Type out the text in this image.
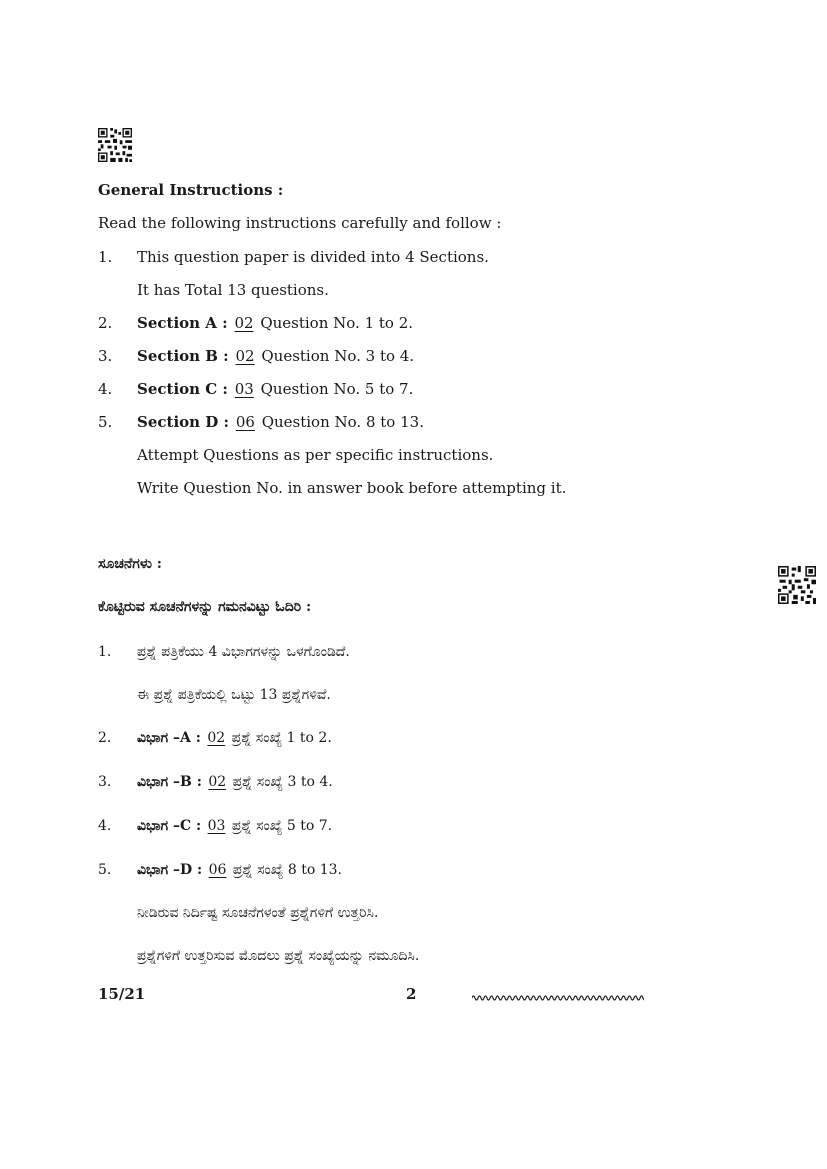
General Instructions :
Read the following instructions carefully and follow :
1. This question paper is divided into 4 Sections.
It has Total 13 questions.
2. Section A : 02 Question No. 1 to 2.
3. Section B : 02 Question No. 3 to 4.
4. Section C : 03 Question No. 5 to 7.
5. Section D : 06 Question No. 8 to 13.
Attempt Questions as per specific instructions.
Write Question No. in answer book before attempting it.
ಸೂಚನೆಗಳು :
ಕೊಟ್ಟಿರುವ ಸೂಚನೆಗಳನ್ನು ಗಮನವಿಟ್ಟು ಓದಿರಿ :
1. ಪ್ರಶ್ನೆ ಪತ್ರಿಕೆಯು 4 ವಿಭಾಗಗಳನ್ನು ಒಳಗೊಂಡಿದೆ.
ಈ ಪ್ರಶ್ನೆ ಪತ್ರಿಕೆಯಲ್ಲಿ ಒಟ್ಟು 13 ಪ್ರಶ್ನೆಗಳಿವೆ.
2. ವಿಭಾಗ –A : 02 ಪ್ರಶ್ನೆ ಸಂಖ್ಯೆ 1 to 2.
3. ವಿಭಾಗ –B : 02 ಪ್ರಶ್ನೆ ಸಂಖ್ಯೆ 3 to 4.
4. ವಿಭಾಗ –C : 03 ಪ್ರಶ್ನೆ ಸಂಖ್ಯೆ 5 to 7.
5. ವಿಭಾಗ –D : 06 ಪ್ರಶ್ನೆ ಸಂಖ್ಯೆ 8 to 13.
ನೀಡಿರುವ ನಿರ್ದಿಷ್ಟ ಸೂಚನೆಗಳಂತೆ ಪ್ರಶ್ನೆಗಳಿಗೆ ಉತ್ತರಿಸಿ.
ಪ್ರಶ್ನೆಗಳಿಗೆ ಉತ್ತರಿಸುವ ಮೊದಲು ಪ್ರಶ್ನೆ ಸಂಖ್ಯೆಯನ್ನು ನಮೂದಿಸಿ.
15/21	2
